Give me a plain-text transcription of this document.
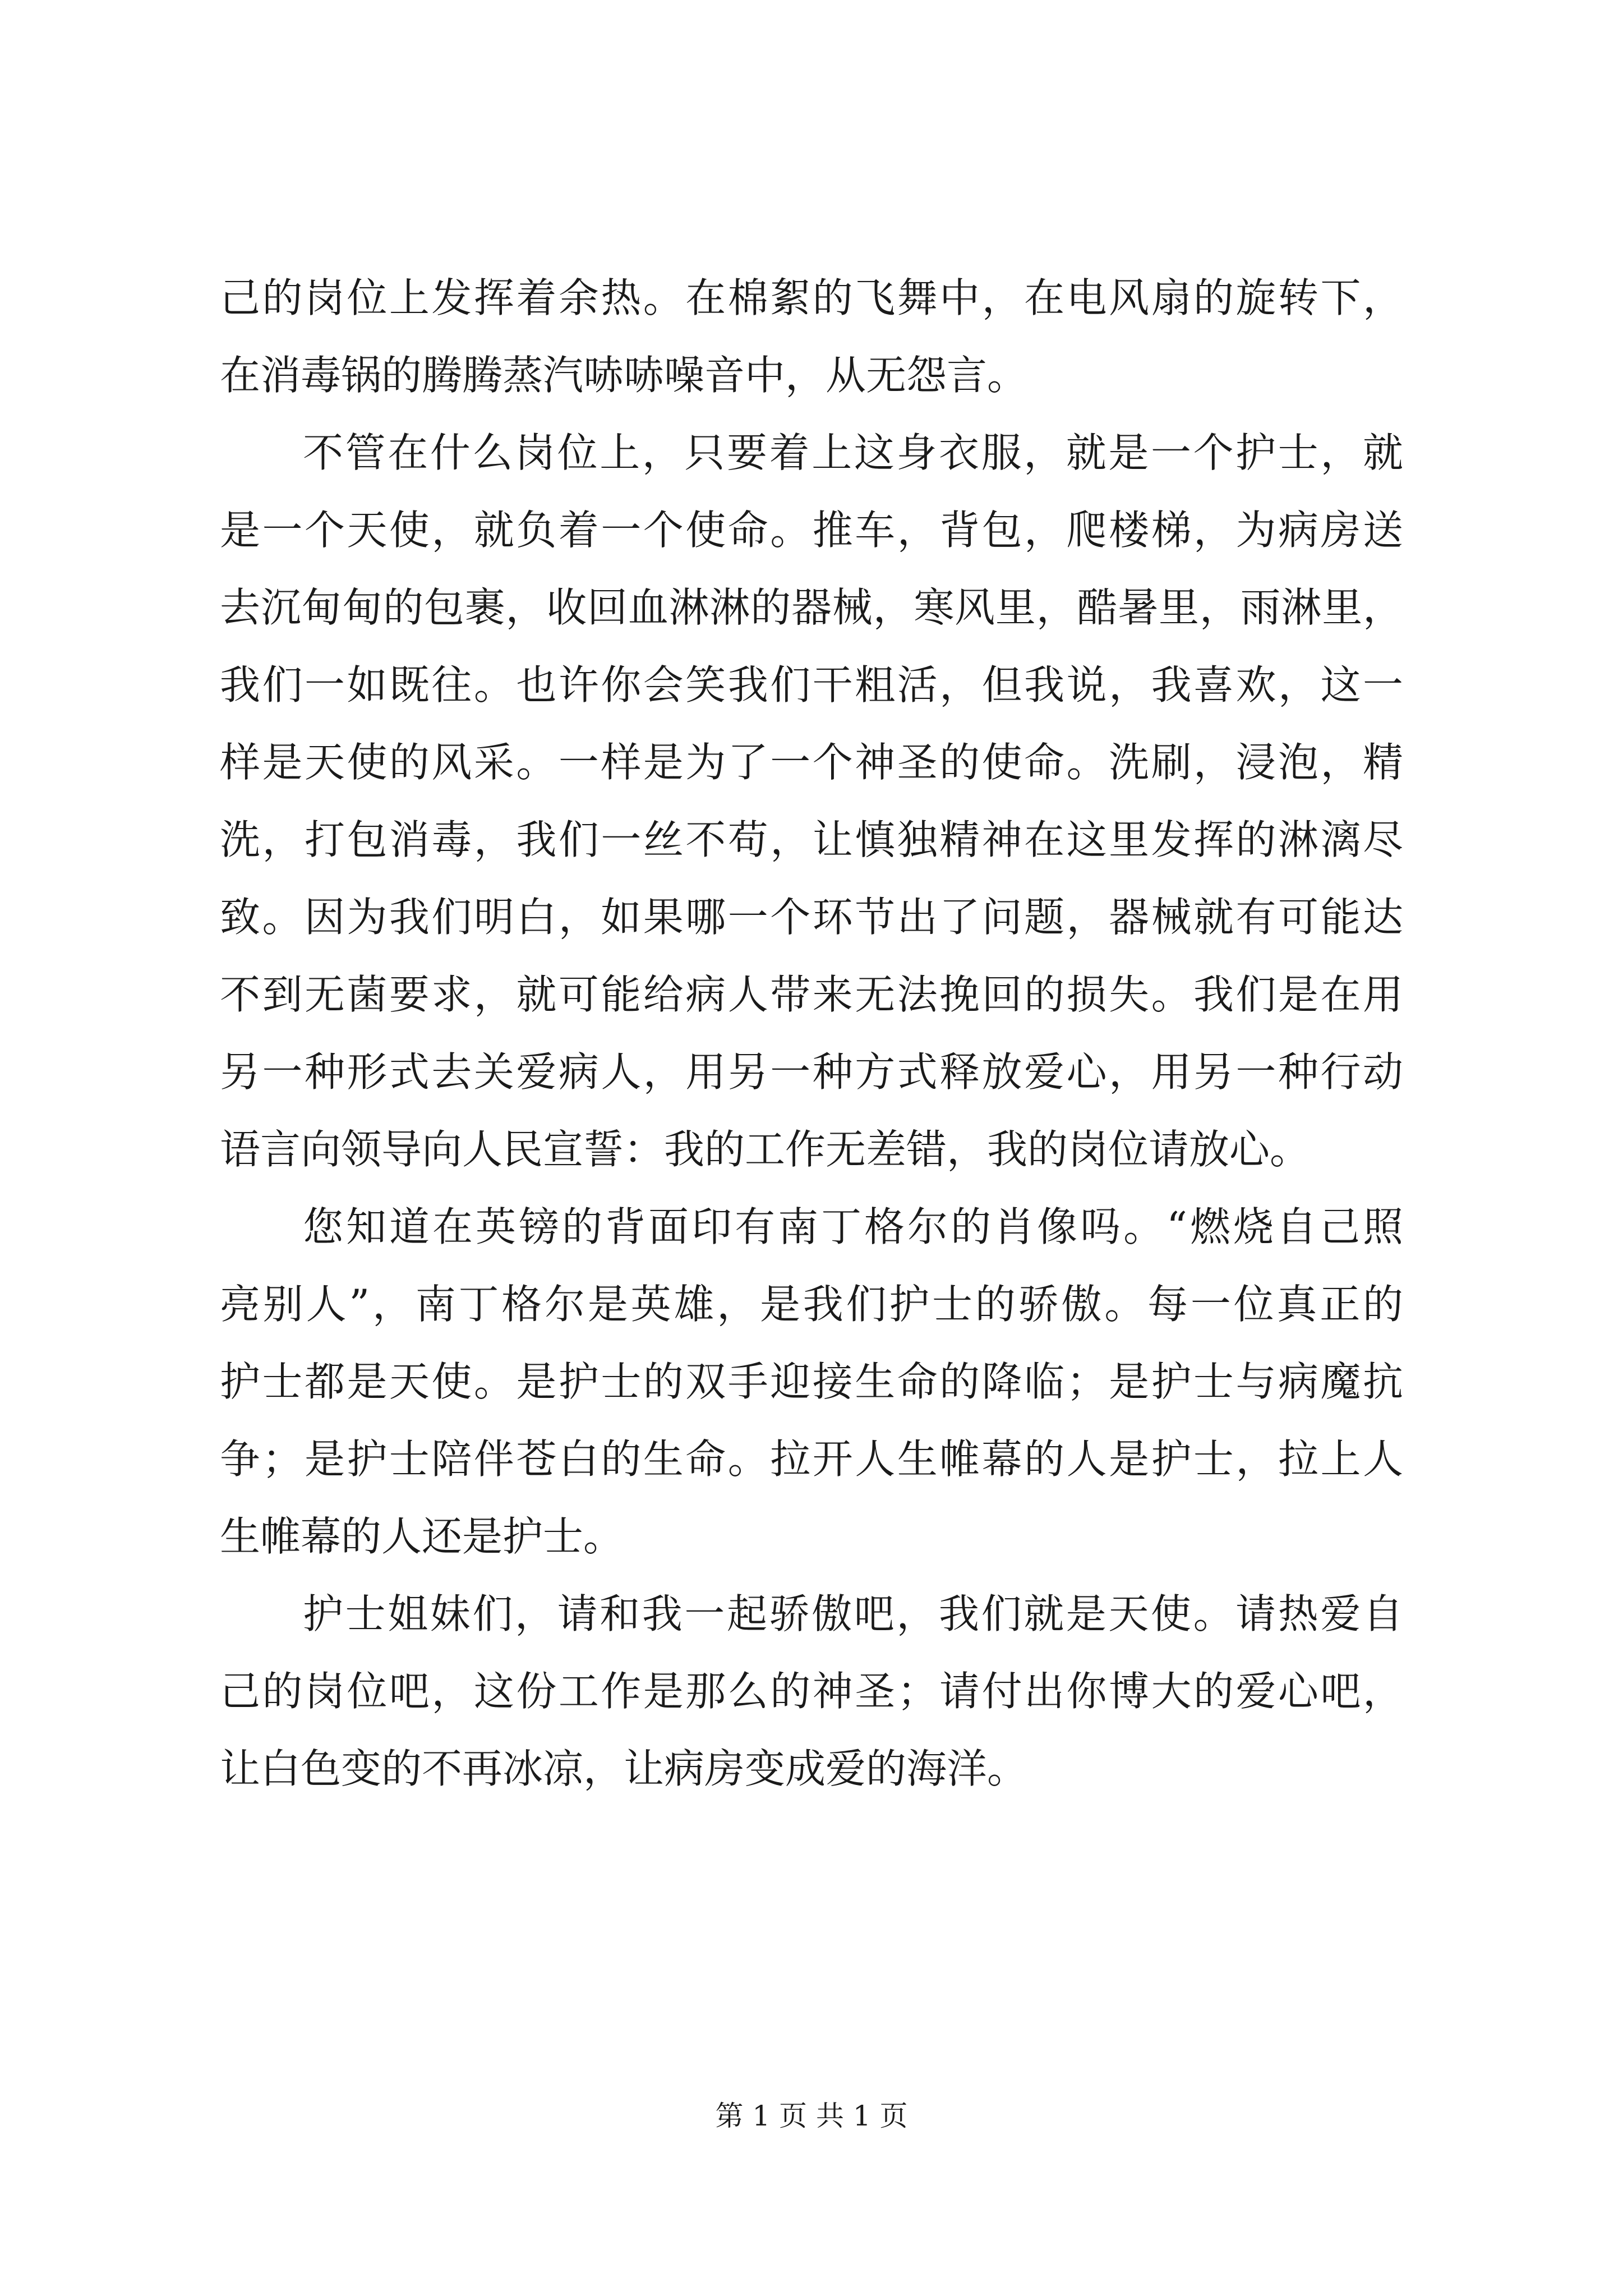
己的岗位上发挥着余热。在棉絮的飞舞中，在电风扇的旋转下，
在消毒锅的腾腾蒸汽哧哧噪音中，从无怨言。
不管在什么岗位上，只要着上这身衣服，就是一个护士，就
是一个天使，就负着一个使命。推车，背包，爬楼梯，为病房送
去沉甸甸的包裹，收回血淋淋的器械，寒风里，酷暑里，雨淋里，
我们一如既往。也许你会笑我们干粗活，但我说，我喜欢，这一
样是天使的风采。一样是为了一个神圣的使命。洗刷，浸泡，精
洗，打包消毒，我们一丝不苟，让慎独精神在这里发挥的淋漓尽
致。因为我们明白，如果哪一个环节出了问题，器械就有可能达
不到无菌要求，就可能给病人带来无法挽回的损失。我们是在用
另一种形式去关爱病人，用另一种方式释放爱心，用另一种行动
语言向领导向人民宣誓：我的工作无差错，我的岗位请放心。
您知道在英镑的背面印有南丁格尔的肖像吗。“燃烧自己照
亮别人”，南丁格尔是英雄，是我们护士的骄傲。每一位真正的
护士都是天使。是护士的双手迎接生命的降临；是护士与病魔抗
争；是护士陪伴苍白的生命。拉开人生帷幕的人是护士，拉上人
生帷幕的人还是护士。
护士姐妹们，请和我一起骄傲吧，我们就是天使。请热爱自
己的岗位吧，这份工作是那么的神圣；请付出你博大的爱心吧，
让白色变的不再冰凉，让病房变成爱的海洋。
第 1 页 共 1 页
